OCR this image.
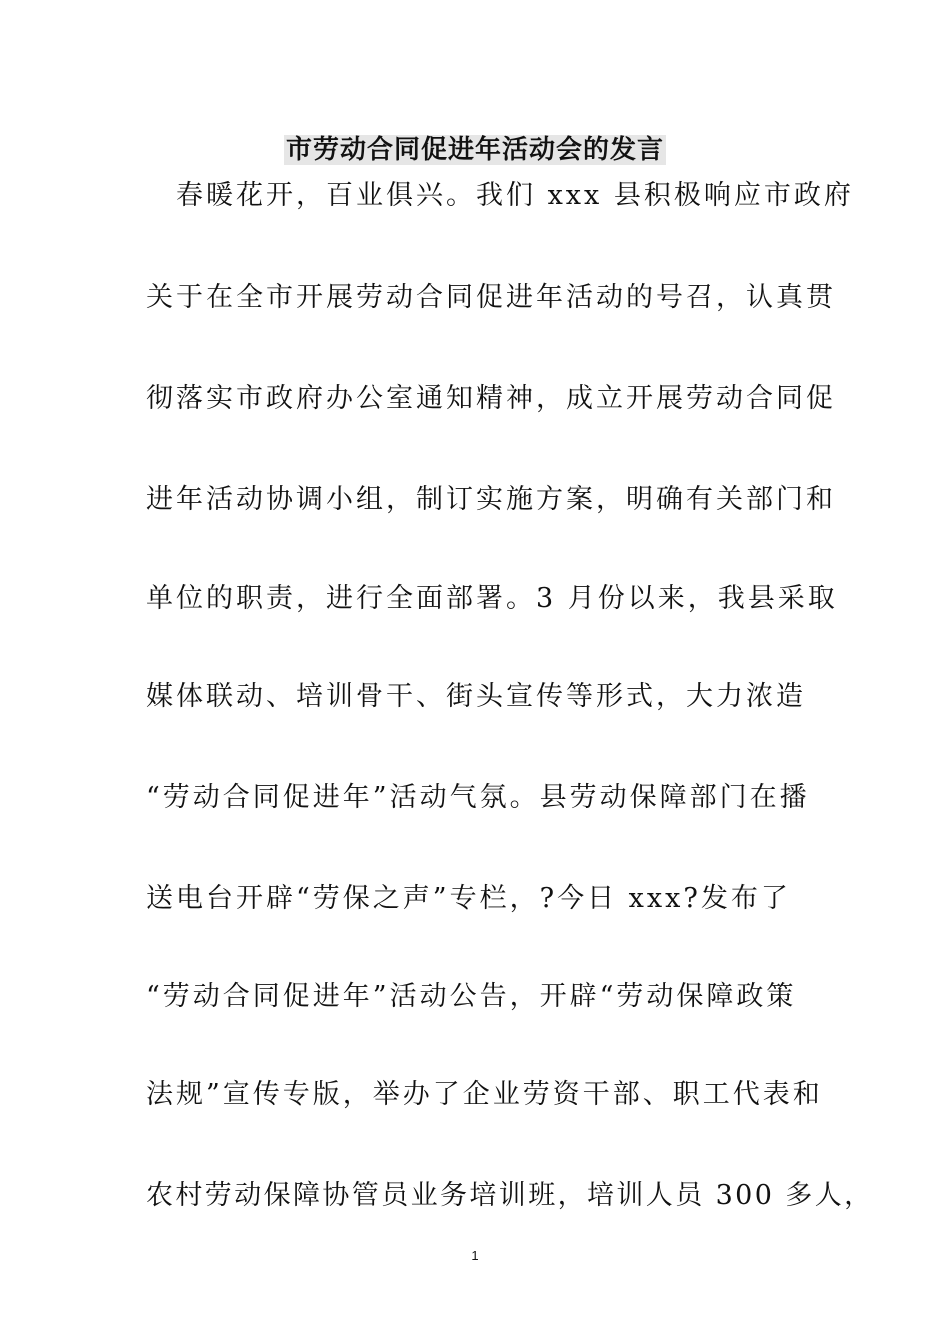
市劳动合同促进年活动会的发言
　春暖花开，百业俱兴。我们 xxx 县积极响应市政府
关于在全市开展劳动合同促进年活动的号召，认真贯
彻落实市政府办公室通知精神，成立开展劳动合同促
进年活动协调小组，制订实施方案，明确有关部门和
单位的职责，进行全面部署。3 月份以来，我县采取
媒体联动、培训骨干、街头宣传等形式，大力浓造
“劳动合同促进年”活动气氛。县劳动保障部门在播
送电台开辟“劳保之声”专栏，?今日 xxx?发布了
“劳动合同促进年”活动公告，开辟“劳动保障政策
法规”宣传专版，举办了企业劳资干部、职工代表和
农村劳动保障协管员业务培训班，培训人员 300 多人，
1
